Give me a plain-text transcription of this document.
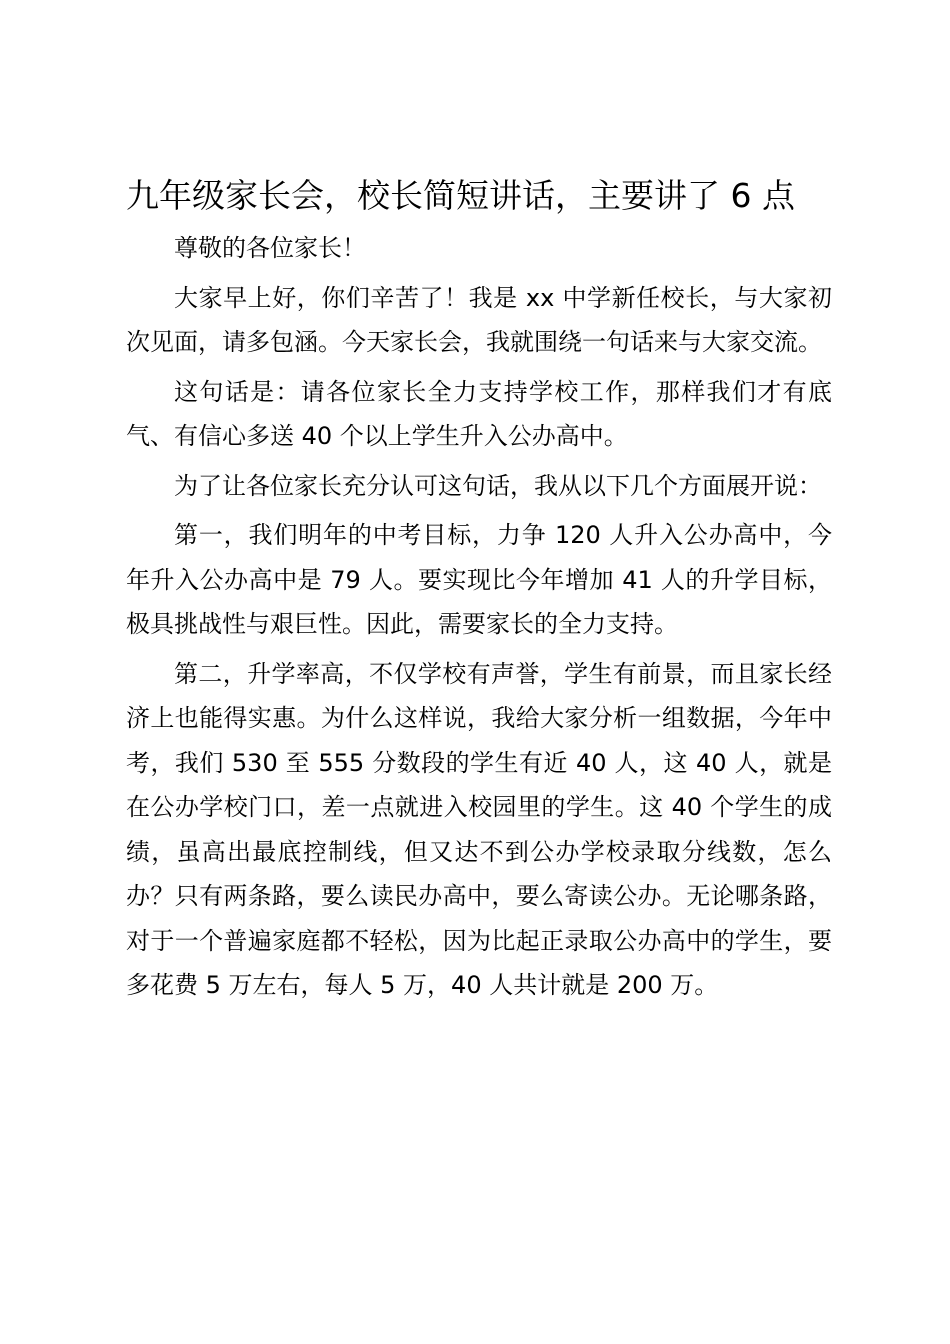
九年级家长会，校长简短讲话，主要讲了 6 点

尊敬的各位家长！

大家早上好，你们辛苦了！我是 xx 中学新任校长，与大家初次见面，请多包涵。今天家长会，我就围绕一句话来与大家交流。

这句话是：请各位家长全力支持学校工作，那样我们才有底气、有信心多送 40 个以上学生升入公办高中。

为了让各位家长充分认可这句话，我从以下几个方面展开说：

第一，我们明年的中考目标，力争 120 人升入公办高中，今年升入公办高中是 79 人。要实现比今年增加 41 人的升学目标，极具挑战性与艰巨性。因此，需要家长的全力支持。

第二，升学率高，不仅学校有声誉，学生有前景，而且家长经济上也能得实惠。为什么这样说，我给大家分析一组数据，今年中考，我们 530 至 555 分数段的学生有近 40 人，这 40 人，就是在公办学校门口，差一点就进入校园里的学生。这 40 个学生的成绩，虽高出最底控制线，但又达不到公办学校录取分线数，怎么办？只有两条路，要么读民办高中，要么寄读公办。无论哪条路，对于一个普遍家庭都不轻松，因为比起正录取公办高中的学生，要多花费 5 万左右，每人 5 万，40 人共计就是 200 万。
